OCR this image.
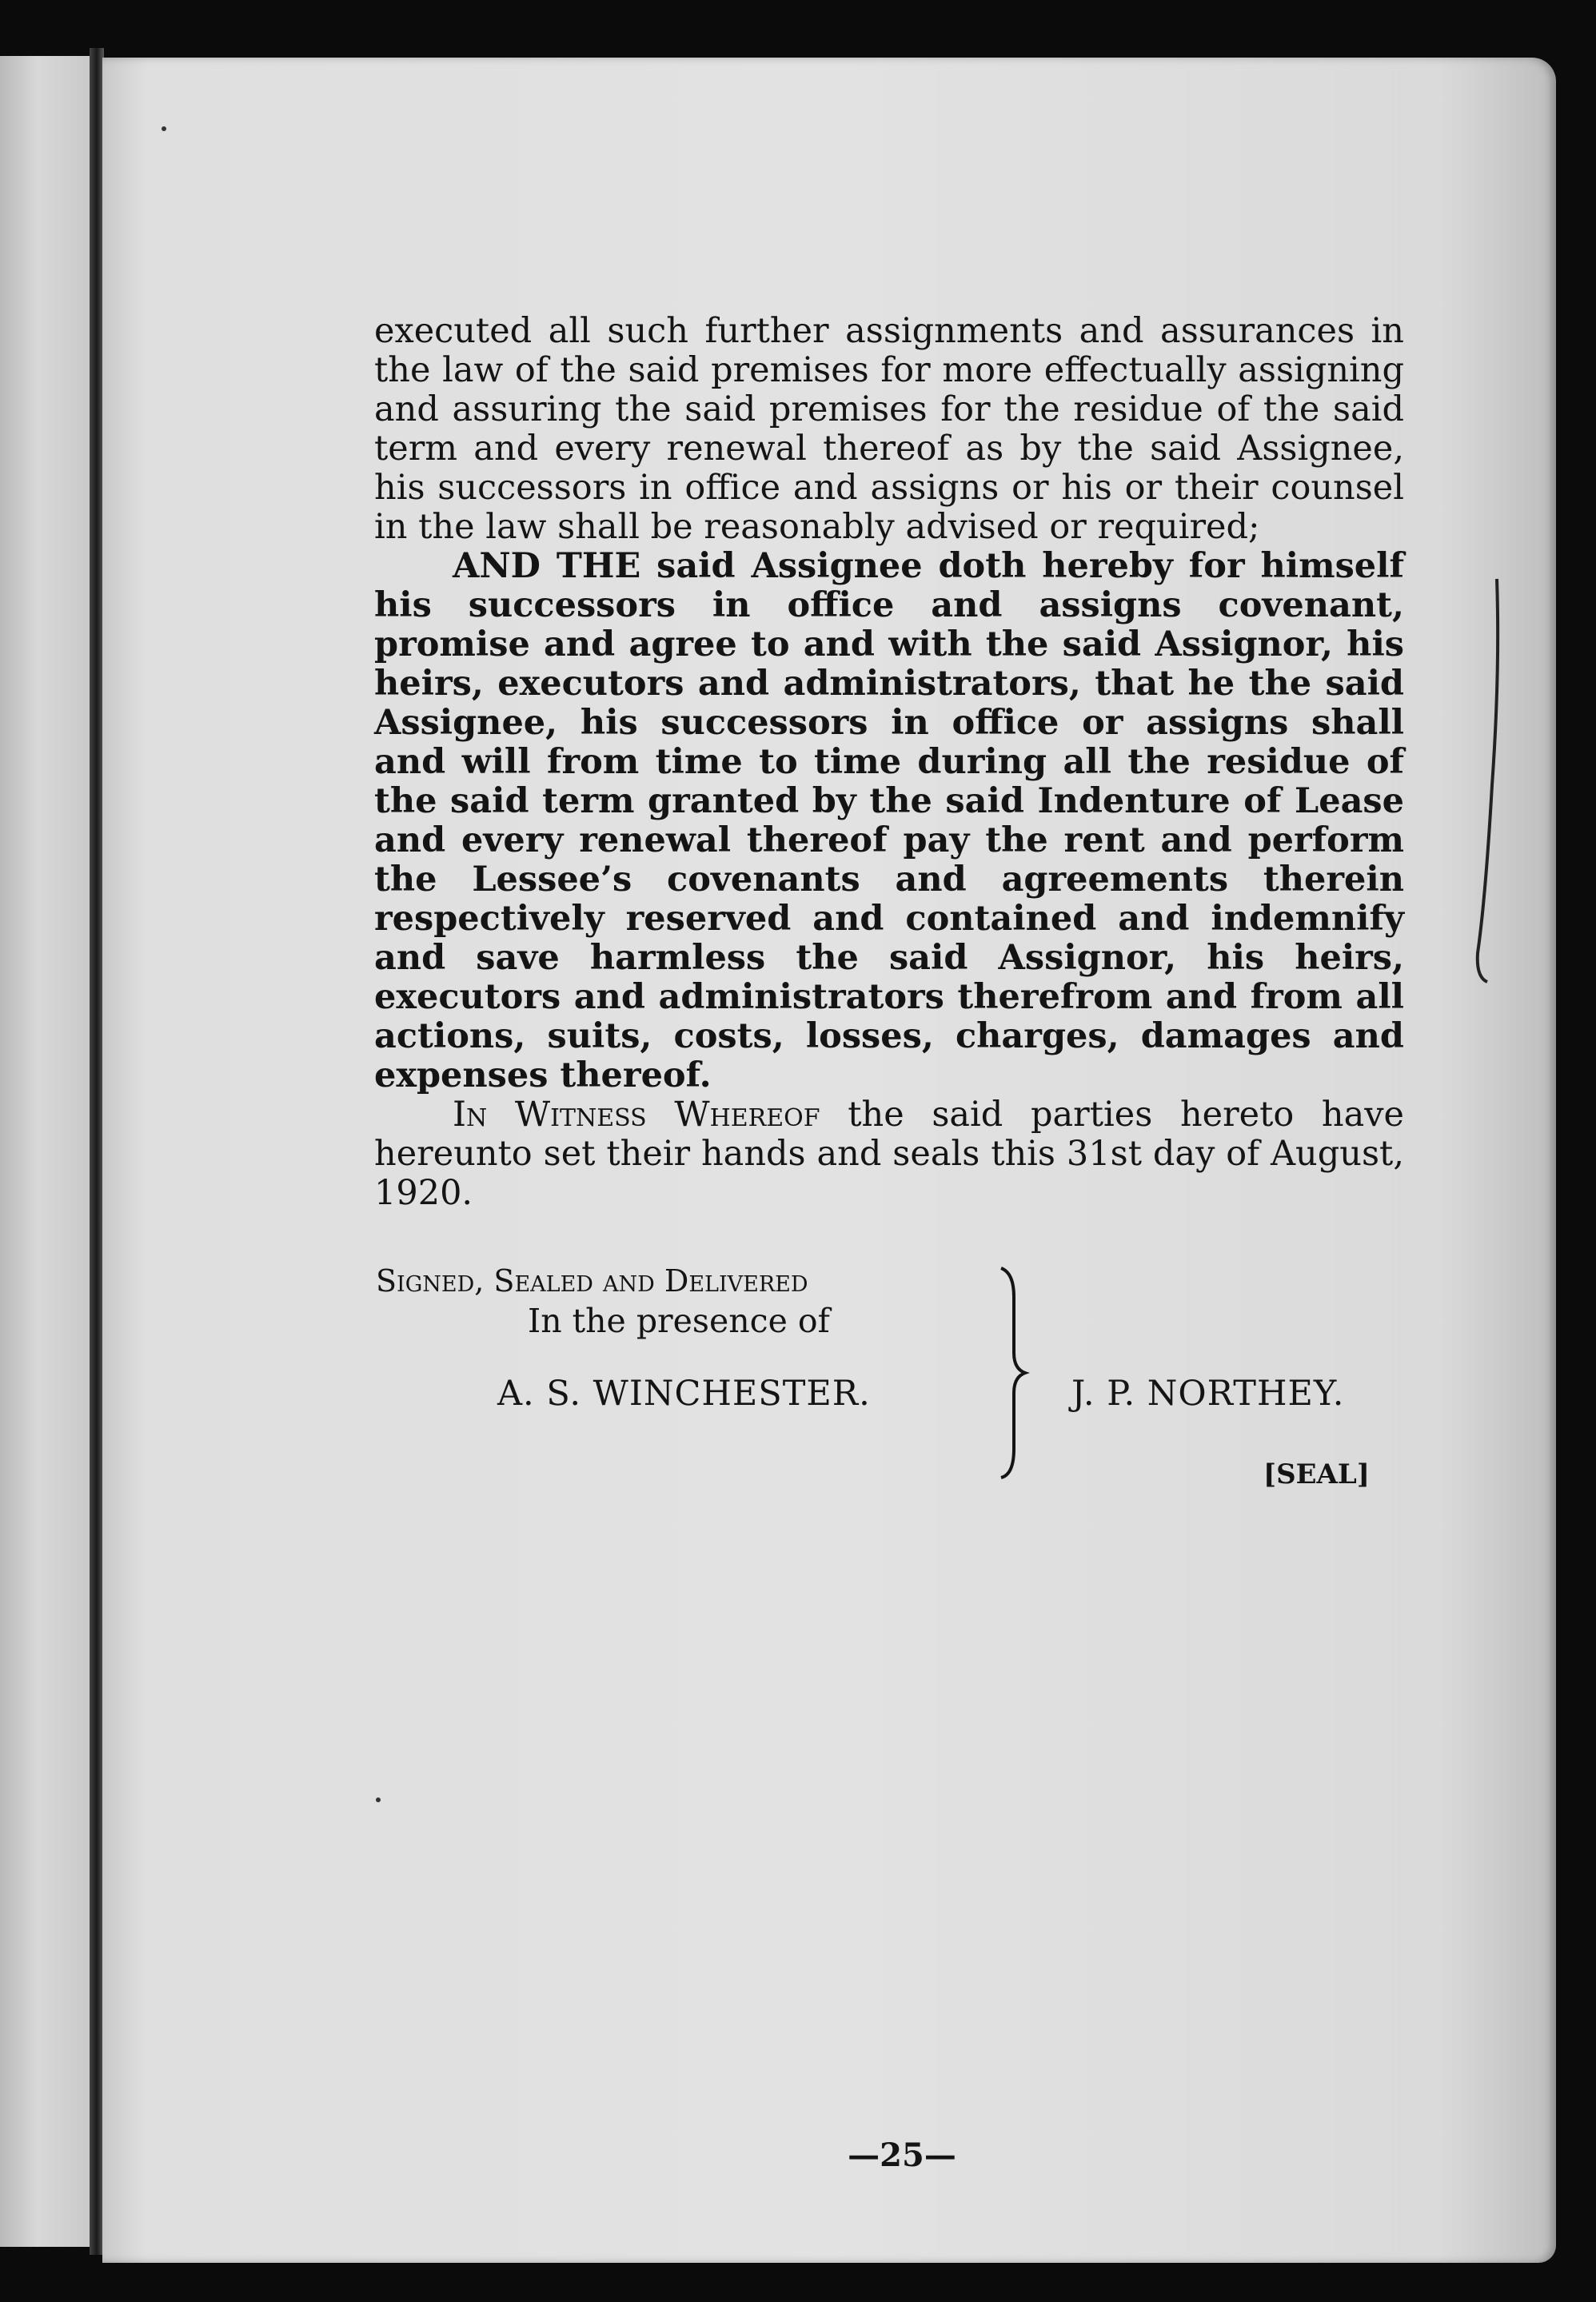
executed all such further assignments and assurances in the law of the said premises for more effectually assigning and assuring the said premises for the residue of the said term and every renewal thereof as by the said Assignee, his successors in office and assigns or his or their counsel in the law shall be reasonably advised or required;

AND THE said Assignee doth hereby for himself his successors in office and assigns covenant, promise and agree to and with the said Assignor, his heirs, executors and administrators, that he the said Assignee, his successors in office or assigns shall and will from time to time during all the residue of the said term granted by the said Indenture of Lease and every renewal thereof pay the rent and perform the Lessee’s covenants and agreements therein respectively reserved and contained and indemnify and save harmless the said Assignor, his heirs, executors and administrators therefrom and from all actions, suits, costs, losses, charges, damages and expenses thereof.

In Witness Whereof the said parties hereto have hereunto set their hands and seals this 31st day of August, 1920.

Signed, Sealed and Delivered
In the presence of
A. S. WINCHESTER.	J. P. NORTHEY.
[SEAL]
—25—
